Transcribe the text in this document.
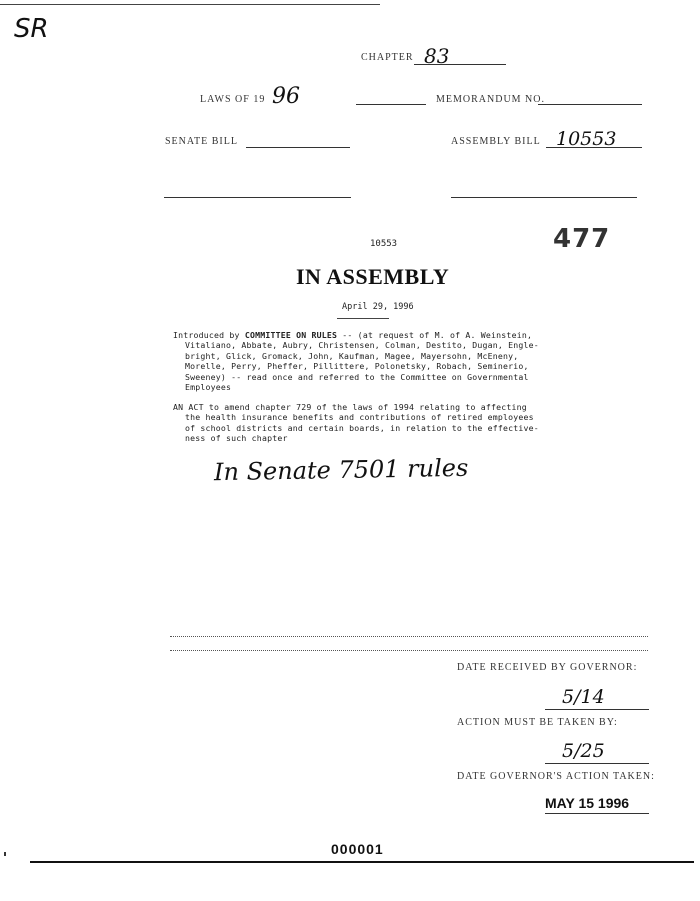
SR
CHAPTER 83
LAWS OF 19 96	MEMORANDUM NO.
SENATE BILL	ASSEMBLY BILL 10553
10553	477
IN ASSEMBLY
April 29, 1996
Introduced by COMMITTEE ON RULES -- (at request of M. of A. Weinstein,
Vitaliano, Abbate, Aubry, Christensen, Colman, Destito, Dugan, Engle-
bright, Glick, Gromack, John, Kaufman, Magee, Mayersohn, McEneny,
Morelle, Perry, Pheffer, Pillittere, Polonetsky, Robach, Seminerio,
Sweeney) -- read once and referred to the Committee on Governmental
Employees
AN ACT to amend chapter 729 of the laws of 1994 relating to affecting
the health insurance benefits and contributions of retired employees
of school districts and certain boards, in relation to the effective-
ness of such chapter
In Senate 7501 rules
DATE RECEIVED BY GOVERNOR:
5/14
ACTION MUST BE TAKEN BY:
5/25
DATE GOVERNOR'S ACTION TAKEN:
MAY 15 1996
000001
